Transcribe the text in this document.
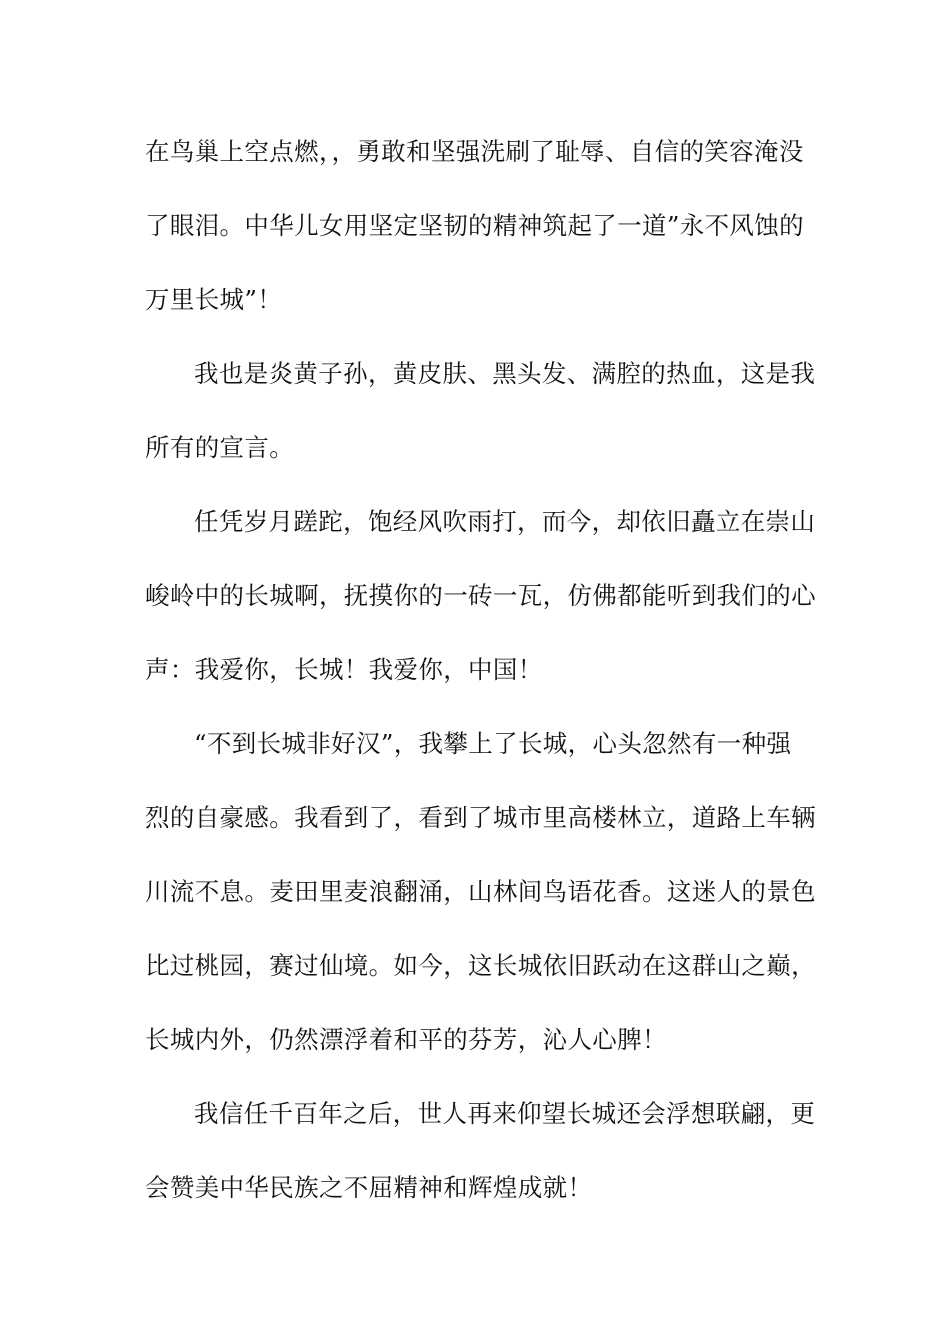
在鸟巢上空点燃，，勇敢和坚强洗刷了耻辱、自信的笑容淹没
了眼泪。中华儿女用坚定坚韧的精神筑起了一道”永不风蚀的
万里长城”！
我也是炎黄子孙，黄皮肤、黑头发、满腔的热血，这是我
所有的宣言。
任凭岁月蹉跎，饱经风吹雨打，而今，却依旧矗立在崇山
峻岭中的长城啊，抚摸你的一砖一瓦，仿佛都能听到我们的心
声：我爱你，长城！我爱你，中国！
“不到长城非好汉”，我攀上了长城，心头忽然有一种强
烈的自豪感。我看到了，看到了城市里高楼林立，道路上车辆
川流不息。麦田里麦浪翻涌，山林间鸟语花香。这迷人的景色
比过桃园，赛过仙境。如今，这长城依旧跃动在这群山之巅，
长城内外，仍然漂浮着和平的芬芳，沁人心脾！
我信任千百年之后，世人再来仰望长城还会浮想联翩，更
会赞美中华民族之不屈精神和辉煌成就！
